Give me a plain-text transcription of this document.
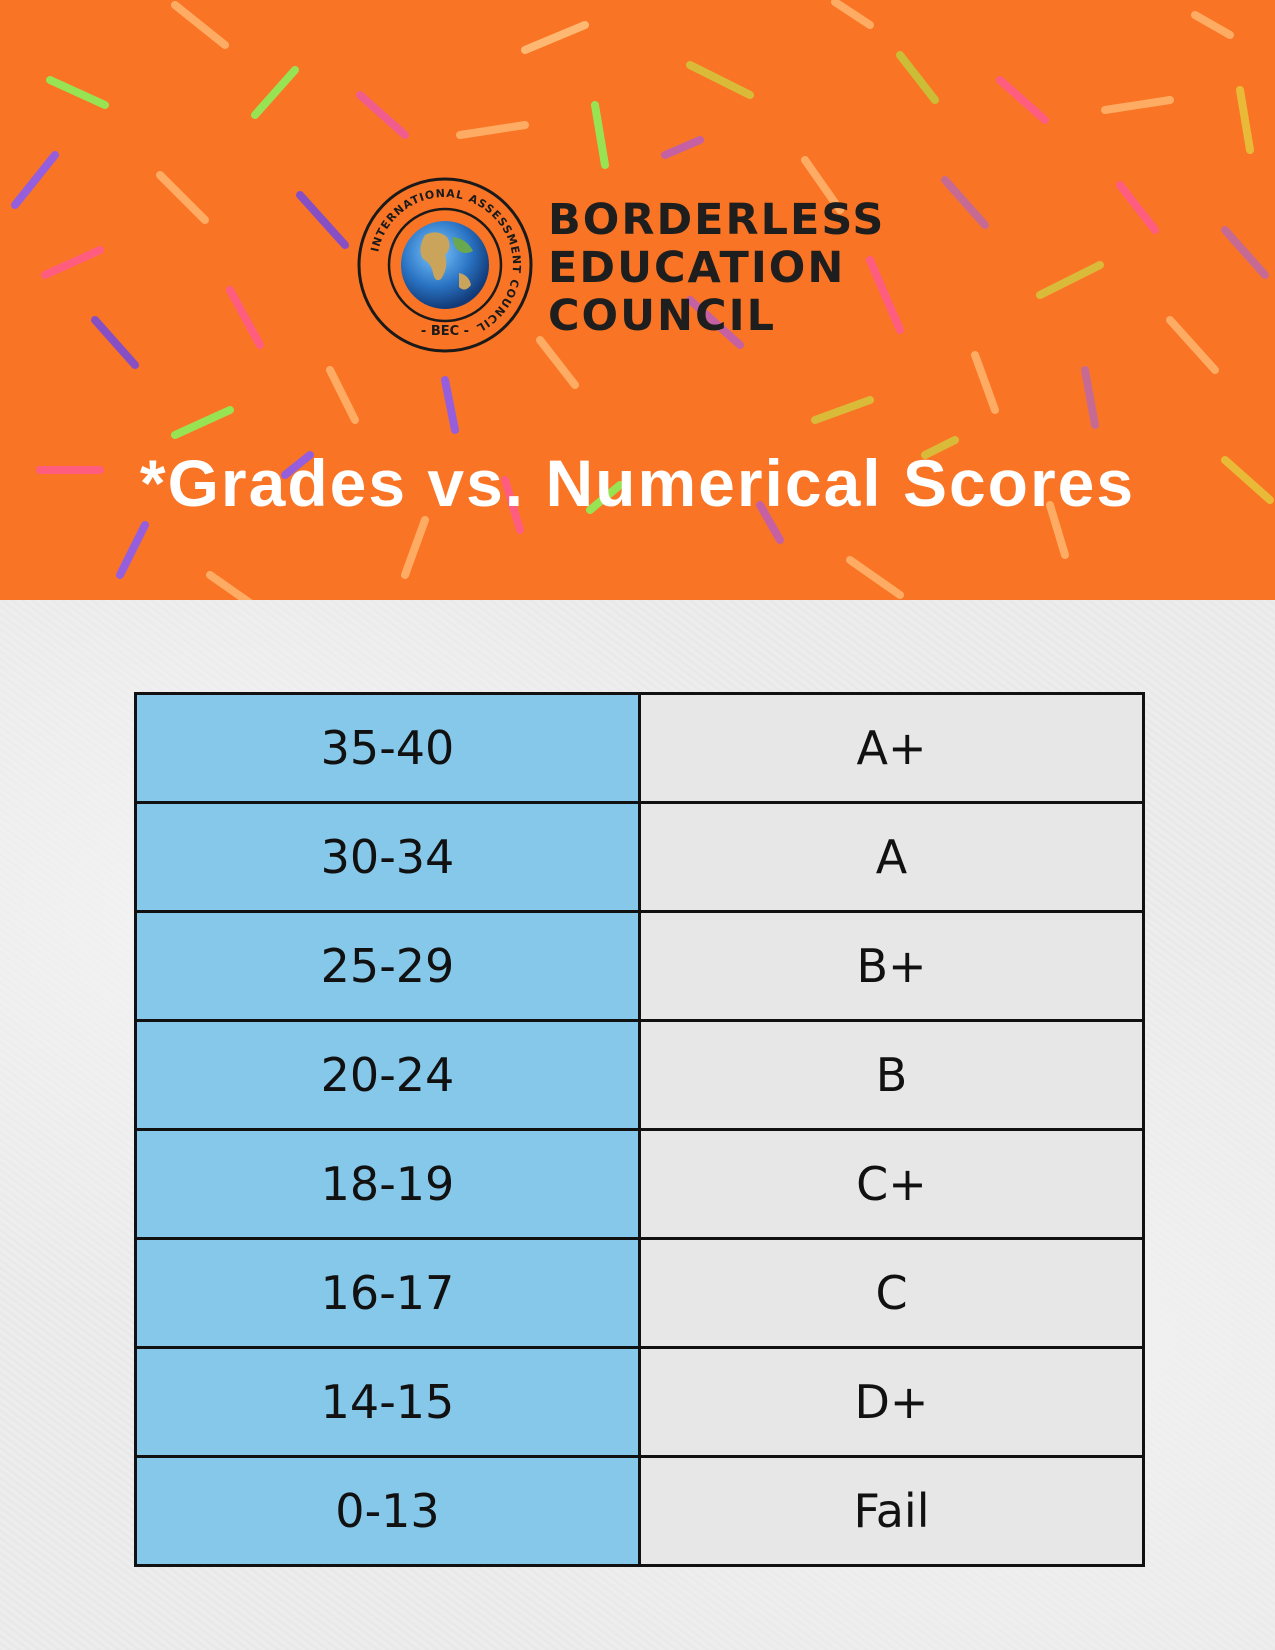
INTERNATIONAL ASSESSMENT COUNCIL
- BEC -
BORDERLESS
EDUCATION
COUNCIL
*Grades vs. Numerical Scores
35-40	A+
30-34	A
25-29	B+
20-24	B
18-19	C+
16-17	C
14-15	D+
0-13	Fail
